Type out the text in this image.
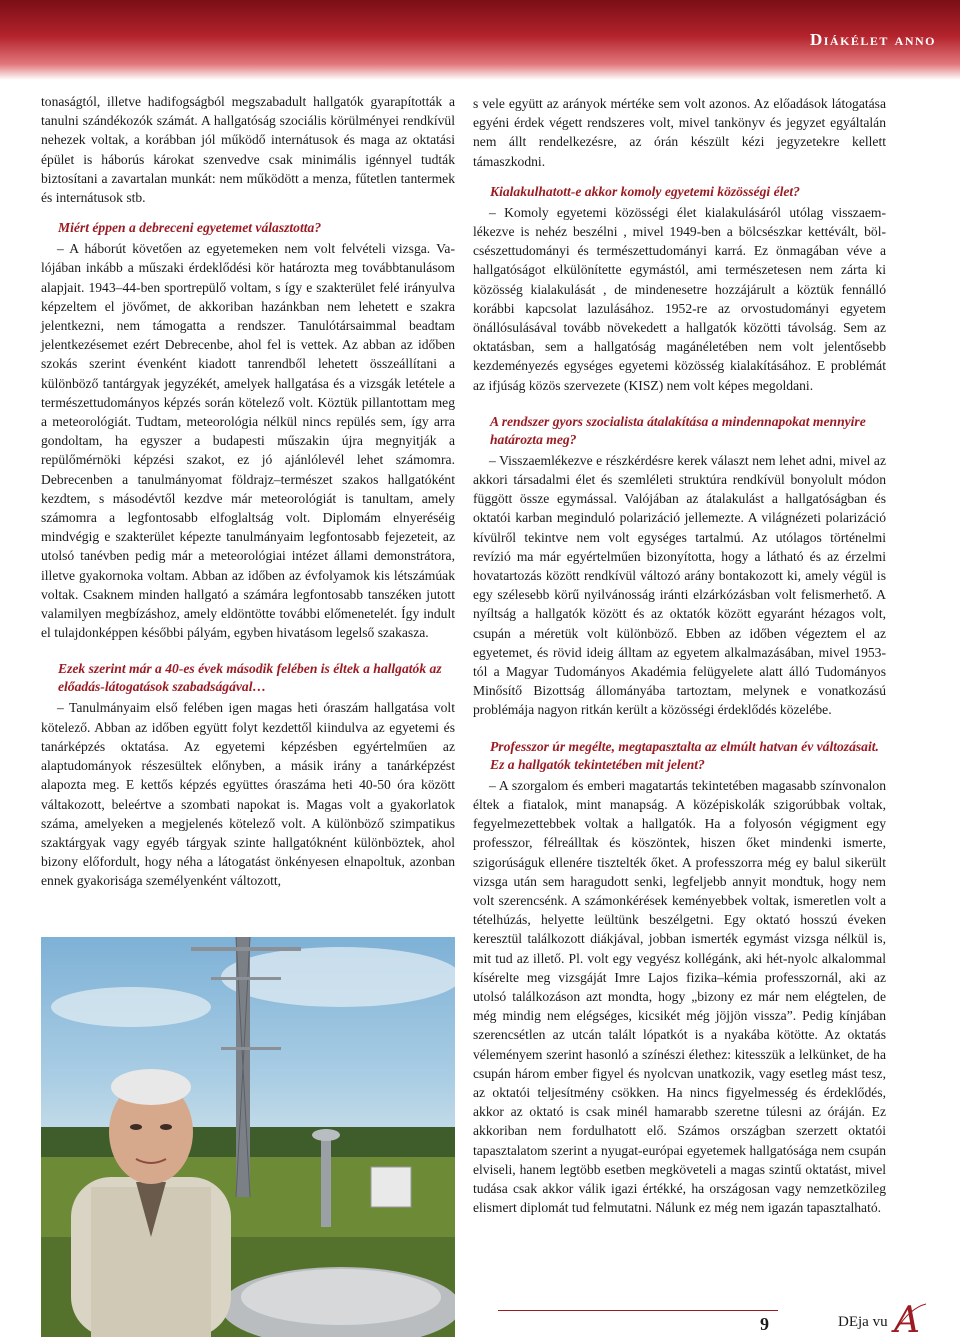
Diákélet anno

tonaságtól, illetve hadifogságból megszabadult hallgatók gyarapították a tanulni szándékozók számát. A hallgatóság szociális körülményei rendkívül nehezek voltak, a korábban jól működő internátusok és maga az oktatási épület is háborús károkat szenvedve csak minimális igénnyel tudták biztosítani a zavartalan munkát: nem működött a menza, fűtetlen tantermek és internátusok stb.

Miért éppen a debreceni egyetemet választotta?

– A háborút követően az egyetemeken nem volt felvételi vizsga. Valójában inkább a műszaki érdeklődési kör határozta meg továbbtanulásom alapjait. 1943–44-ben sportrepülő voltam, s így e szakterület felé irányulva képzeltem el jövőmet, de akkoriban hazánkban nem lehetett e szakra jelentkezni, nem támogatta a rendszer. Tanulótársaimmal beadtam jelentkezésemet ezért Debrecenbe, ahol fel is vettek. Az abban az időben szokás szerint évenként kiadott tanrendből lehetett összeállítani a különböző tantárgyak jegyzékét, amelyek hallgatása és a vizsgák letétele a természettudományos képzés során kötelező volt. Köztük pillantottam meg a meteorológiát. Tudtam, meteorológia nélkül nincs repülés sem, így arra gondoltam, ha egyszer a budapesti műszakin újra megnyitják a repülőmérnöki képzési szakot, ez jó ajánlólevél lehet számomra. Debrecenben a tanulmányomat földrajz–természet szakos hallgatóként kezdtem, s másodévtől kezdve már meteorológiát is tanultam, amely számomra a legfontosabb elfoglaltság volt. Diplomám elnyeréséig mindvégig e szakterület képezte tanulmányaim legfontosabb fejezeteit, az utolsó tanévben pedig már a meteorológiai intézet állami demonstrátora, illetve gyakornoka voltam. Abban az időben az évfolyamok kis létszámúak voltak. Csaknem minden hallgató a számára legfontosabb tanszéken jutott valamilyen megbízáshoz, amely eldöntötte további előmenetelét. Így indult el tulajdonképpen későbbi pályám, egyben hivatásom legelső szakasza.

Ezek szerint már a 40-es évek második felében is éltek a hallgatók az előadás-látogatások szabadságával…

– Tanulmányaim első felében igen magas heti óraszám hallgatása volt kötelező. Abban az időben együtt folyt kezdettől kiindulva az egyetemi és tanárképzés oktatása. Az egyetemi képzésben egyértelműen az alaptudományok részesültek előnyben, a másik irány a tanárképzést alapozta meg. E kettős képzés együttes óraszáma heti 40-50 óra között váltakozott, beleértve a szombati napokat is. Magas volt a gyakorlatok száma, amelyeken a megjelenés kötelező volt. A különböző szimpatikus szaktárgyak vagy egyéb tárgyak szinte hallgatóknént különböztek, ahol bizony előfordult, hogy néha a látogatást önkényesen elnapoltuk, azonban ennek gyakorisága személyenként változott,

s vele együtt az arányok mértéke sem volt azonos. Az előadások látogatása egyéni érdek végett rendszeres volt, mivel tankönyv és jegyzet egyáltalán nem állt rendelkezésre, az órán készült kézi jegyzetekre kellett támaszkodni.

Kialakulhatott-e akkor komoly egyetemi közösségi élet?

– Komoly egyetemi közösségi élet kialakulásáról utólag visszaemlékezve is nehéz beszélni , mivel 1949-ben a bölcsészkar kettévált, bölcsészettudományi és természettudományi karrá. Ez önmagában véve a hallgatóságot elkülönítette egymástól, ami természetesen nem zárta ki közösség kialakulását , de mindenesetre hozzájárult a köztük fennálló korábbi kapcsolat lazulásához. 1952-re az orvostudományi egyetem önállósulásával tovább növekedett a hallgatók közötti távolság. Sem az oktatásban, sem a hallgatóság magánéletében nem volt jelentősebb kezdeményezés egységes egyetemi közösség kialakításához. E problémát az ifjúság közös szervezete (KISZ) nem volt képes megoldani.

A rendszer gyors szocialista átalakítása a mindennapokat mennyire határozta meg?

– Visszaemlékezve e részkérdésre kerek választ nem lehet adni, mivel az akkori társadalmi élet és szemléleti struktúra rendkívül bonyolult módon függött össze egymással. Valójában az átalakulást a hallgatóságban és oktatói karban meginduló polarizáció jellemezte. A világnézeti polarizáció kívülről tekintve nem volt egységes tartalmú. Az utólagos történelmi revízió ma már egyértelműen bizonyította, hogy a látható és az érzelmi hovatartozás között rendkívül változó arány bontakozott ki, amely végül is egy szélesebb körű nyilvánosság iránti elzárkózásban volt felismerhető. A nyíltság a hallgatók között és az oktatók között egyaránt hézagos volt, csupán a méretük volt különböző. Ebben az időben végeztem el az egyetemet, és rövid ideig álltam az egyetem alkalmazásában, mivel 1953-tól a Magyar Tudományos Akadémia felügyelete alatt álló Tudományos Minősítő Bizottság állományába tartoztam, melynek e vonatkozású problémája nagyon ritkán került a közösségi érdeklődés közelébe.

Professzor úr megélte, megtapasztalta az elmúlt hatvan év változásait. Ez a hallgatók tekintetében mit jelent?

– A szorgalom és emberi magatartás tekintetében magasabb színvonalon éltek a fiatalok, mint manapság. A középiskolák szigorúbbak voltak, fegyelmezettebbek voltak a hallgatók. Ha a folyosón végigment egy professzor, félreálltak és köszöntek, hiszen őket mindenki ismerte, szigorúságuk ellenére tisztelték őket. A professzorra még ey balul sikerült vizsga után sem haragudott senki, legfeljebb annyit mondtuk, hogy nem volt szerencsénk. A számonkérések keményebbek voltak, ismeretlen volt a tételhúzás, helyette leültünk beszélgetni. Egy oktató hosszú éveken keresztül találkozott diákjával, jobban ismerték egymást vizsga nélkül is, mit tud az illető. Pl. volt egy vegyész kollégánk, aki hét-nyolc alkalommal kísérelte meg vizsgáját Imre Lajos fizika–kémia professzornál, aki az utolsó találkozáson azt mondta, hogy „bizony ez már nem elégtelen, de még mindig nem elégséges, kicsikét még jöjjön vissza”. Pedig kínjában szerencsétlen az utcán talált lópatkót is a nyakába kötötte. Az oktatás véleményem szerint hasonló a színészi élethez: kitesszük a lelkünket, de ha csupán három ember figyel és nyolcvan unatkozik, vagy esetleg mást tesz, az oktatói teljesítmény csökken. Ha nincs figyelmesség és érdeklődés, akkor az oktató is csak minél hamarabb szeretne túlesni az óráján. Ez akkoriban nem fordulhatott elő. Számos országban szerzett oktatói tapasztalatom szerint a nyugat-európai egyetemek hallgatósága nem csupán elviseli, hanem legtöbb esetben megköveteli a magas szintű oktatást, mivel tudása csak akkor válik igazi értékké, ha országosan vagy nemzetközileg elismert diplomát tud felmutatni. Nálunk ez még nem igazán tapasztalható.

9	DEja vu A
